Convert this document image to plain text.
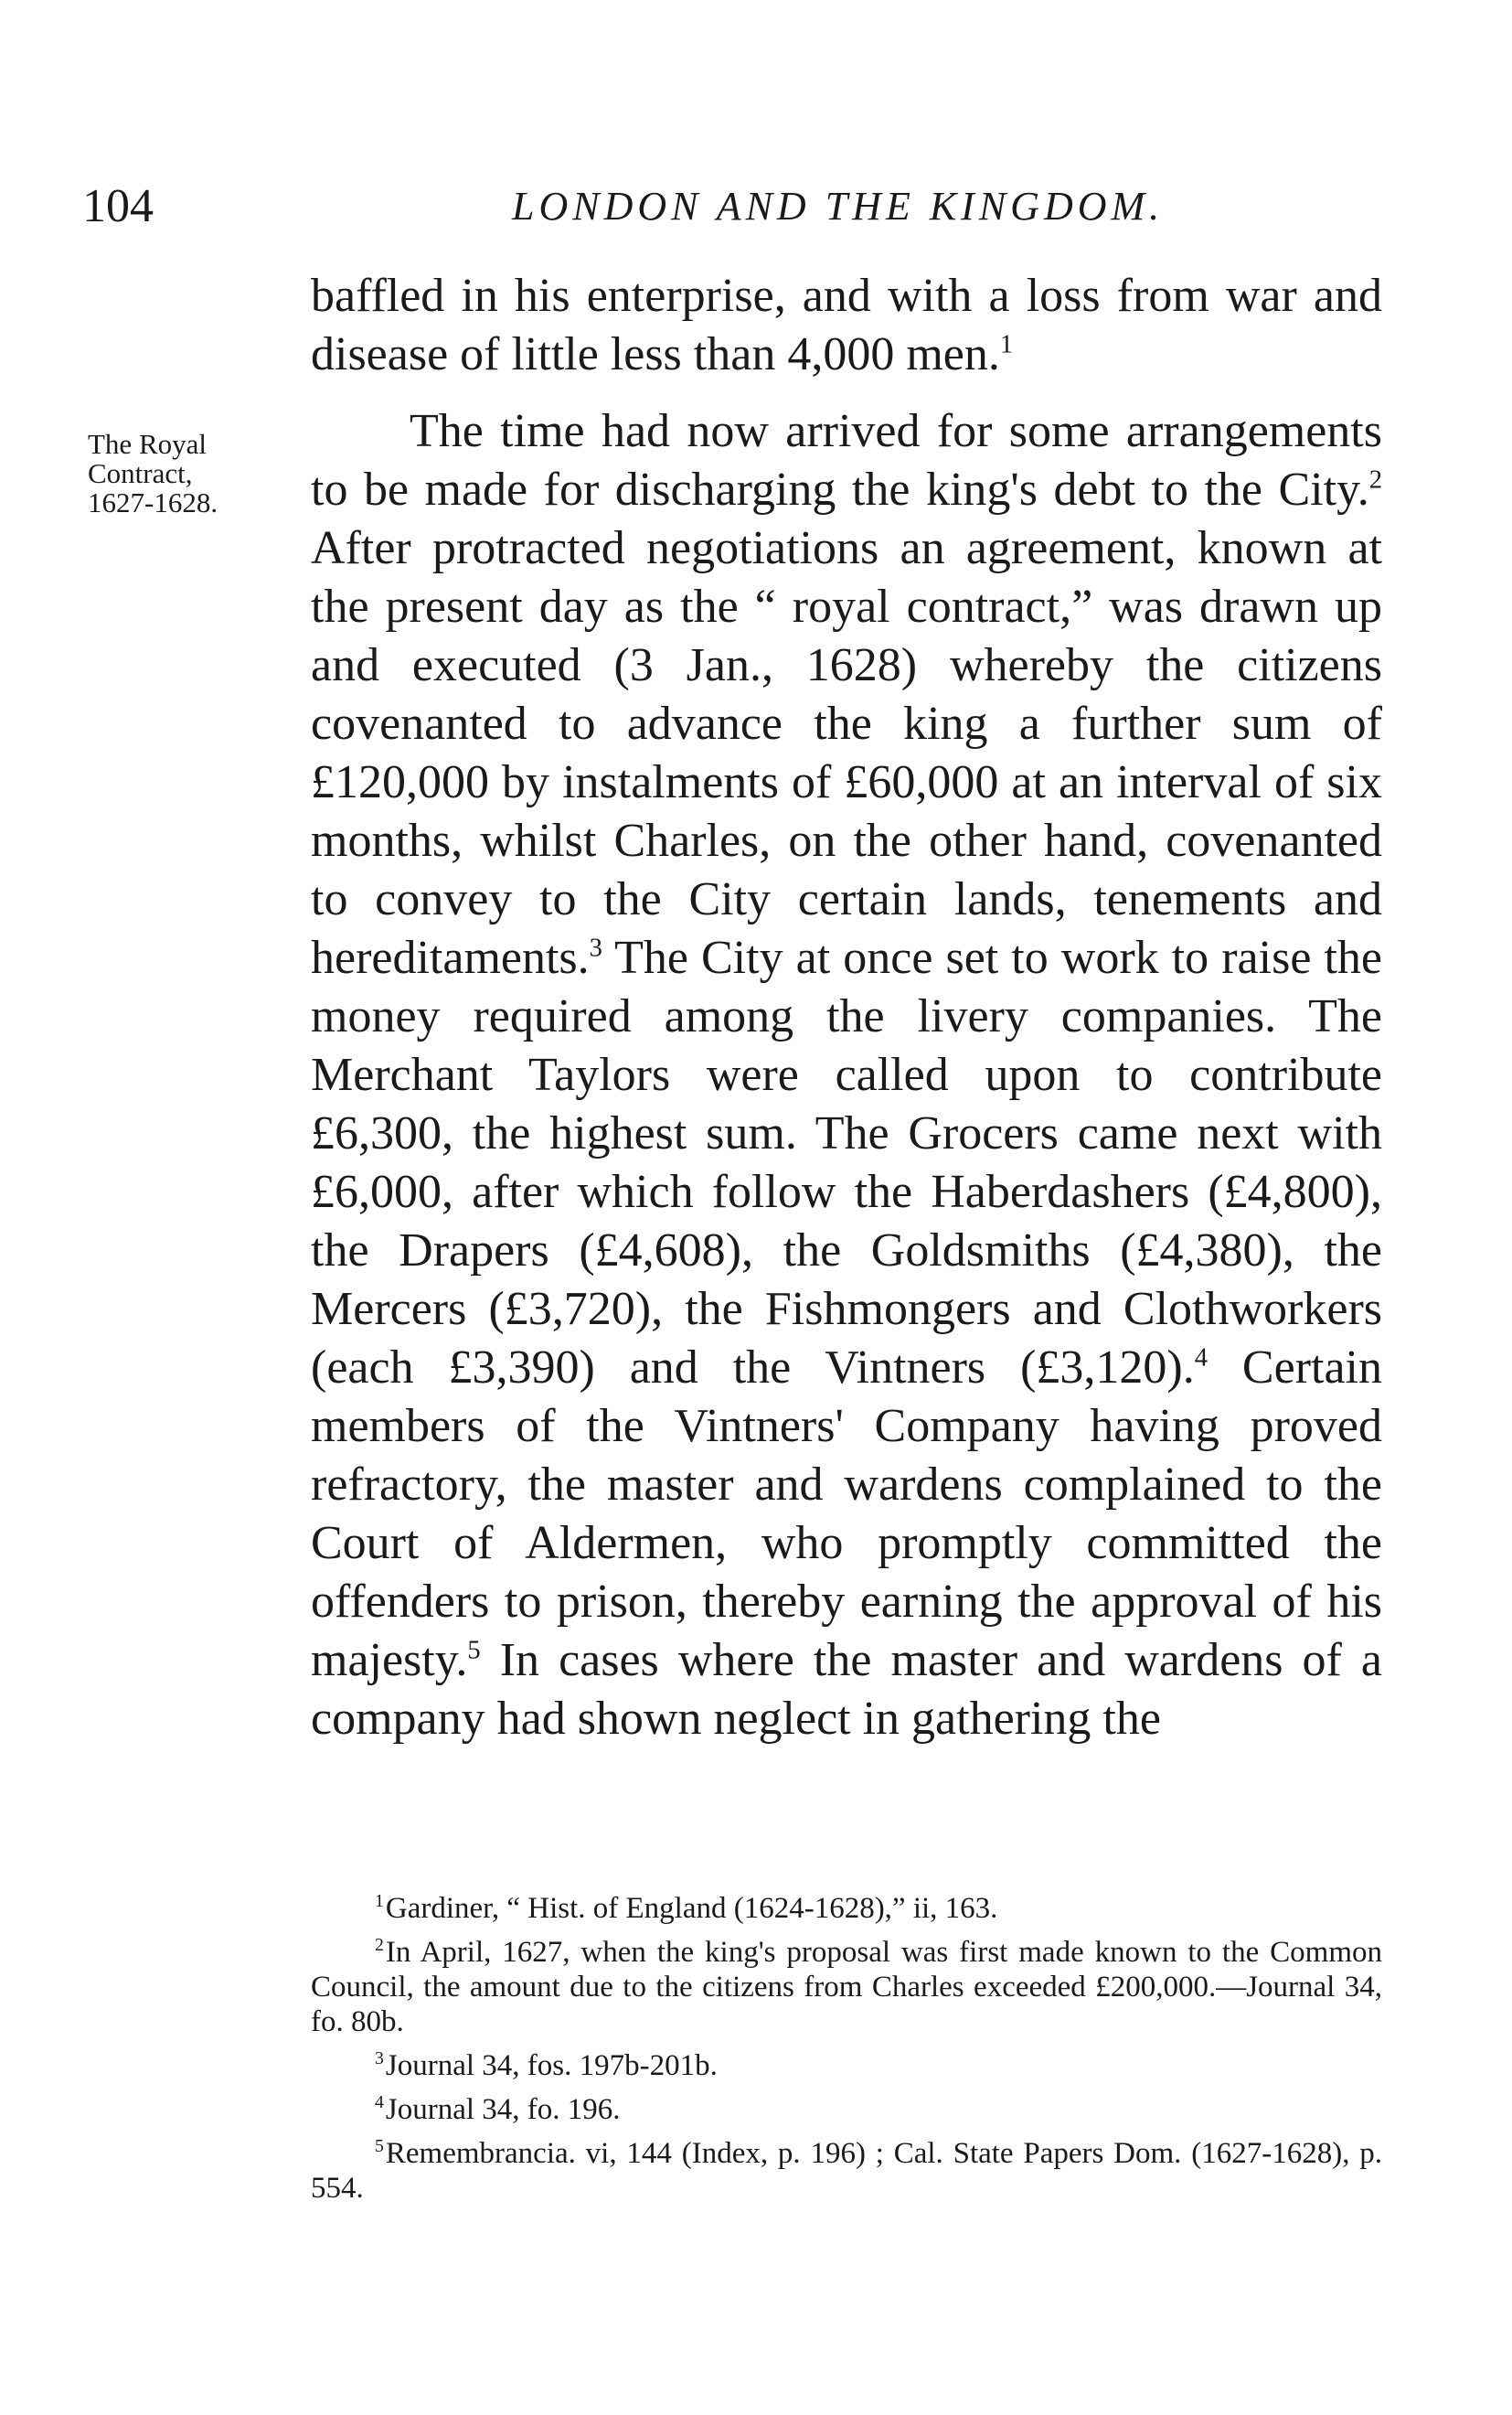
104	LONDON AND THE KINGDOM.
The Royal
Contract,
1627-1628.

baffled in his enterprise, and with a loss from war and disease of little less than 4,000 men.$^1$

The time had now arrived for some arrangements to be made for discharging the king's debt to the City.$^2$ After protracted negotiations an agreement, known at the present day as the “ royal contract,” was drawn up and executed (3 Jan., 1628) whereby the citizens covenanted to advance the king a further sum of £120,000 by instalments of £60,000 at an interval of six months, whilst Charles, on the other hand, covenanted to convey to the City certain lands, tenements and hereditaments.$^3$ The City at once set to work to raise the money required among the livery companies. The Merchant Taylors were called upon to contribute £6,300, the highest sum. The Grocers came next with £6,000, after which follow the Haberdashers (£4,800), the Drapers (£4,608), the Goldsmiths (£4,380), the Mercers (£3,720), the Fishmongers and Clothworkers (each £3,390) and the Vintners (£3,120).$^4$ Certain members of the Vintners' Company having proved refractory, the master and wardens complained to the Court of Aldermen, who promptly committed the offenders to prison, thereby earning the approval of his majesty.$^5$ In cases where the master and wardens of a company had shown neglect in gathering the

$^1$Gardiner, “ Hist. of England (1624-1628),” ii, 163.

$^2$In April, 1627, when the king's proposal was first made known to the Common Council, the amount due to the citizens from Charles exceeded £200,000.—Journal 34, fo. 80b.

$^3$Journal 34, fos. 197b-201b.

$^4$Journal 34, fo. 196.

$^5$Remembrancia. vi, 144 (Index, p. 196) ; Cal. State Papers Dom. (1627-1628), p. 554.
